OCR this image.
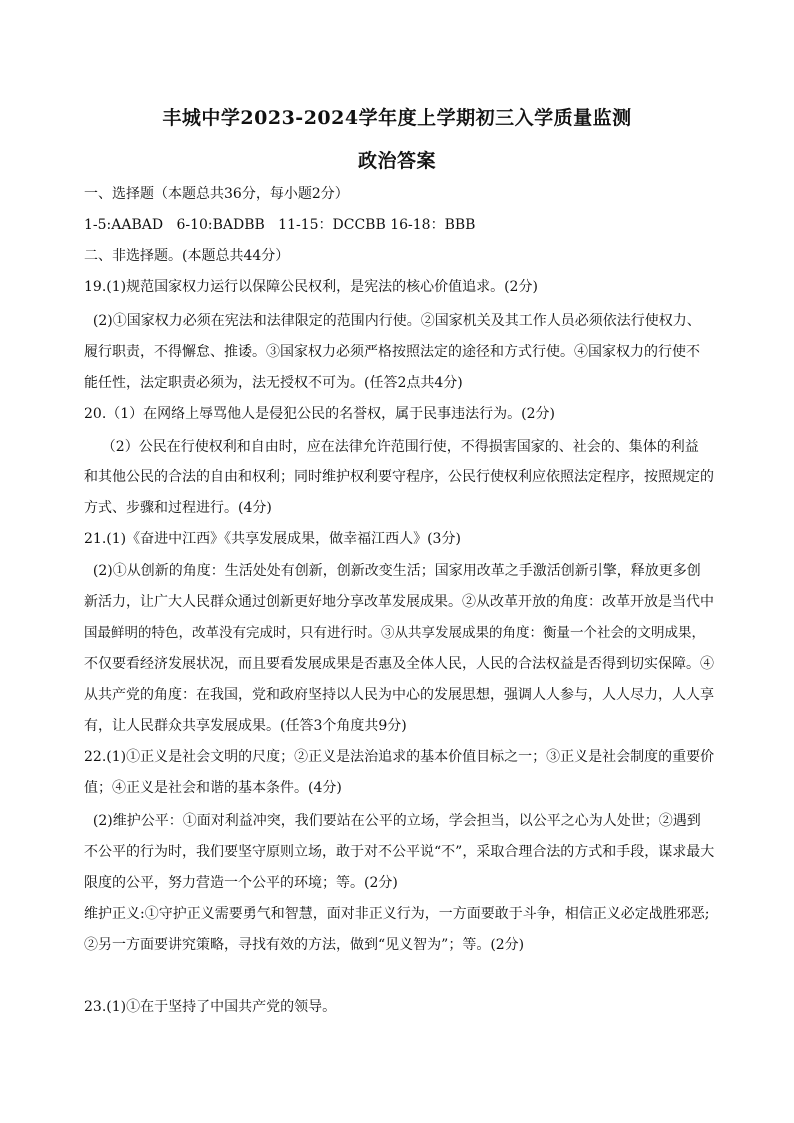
丰城中学2023-2024学年度上学期初三入学质量监测
政治答案
一、选择题（本题总共36分，每小题2分）
1-5:AABAD   6-10:BADBB   11-15：DCCBB 16-18：BBB
二、非选择题。(本题总共44分）
19.(1)规范国家权力运行以保障公民权利，是宪法的核心价值追求。(2分)
(2)①国家权力必须在宪法和法律限定的范围内行使。②国家机关及其工作人员必须依法行使权力、
履行职责，不得懈怠、推诿。③国家权力必须严格按照法定的途径和方式行使。④国家权力的行使不
能任性，法定职责必须为，法无授权不可为。(任答2点共4分)
20.（1）在网络上辱骂他人是侵犯公民的名誉权，属于民事违法行为。(2分)
（2）公民在行使权利和自由时，应在法律允许范围行使，不得损害国家的、社会的、集体的利益
和其他公民的合法的自由和权利；同时维护权利要守程序，公民行使权利应依照法定程序，按照规定的
方式、步骤和过程进行。(4分)
21.(1)《奋进中江西》《共享发展成果，做幸福江西人》(3分)
(2)①从创新的角度：生活处处有创新，创新改变生活；国家用改革之手激活创新引擎，释放更多创
新活力，让广大人民群众通过创新更好地分享改革发展成果。②从改革开放的角度：改革开放是当代中
国最鲜明的特色，改革没有完成时，只有进行时。③从共享发展成果的角度：衡量一个社会的文明成果，
不仅要看经济发展状况，而且要看发展成果是否惠及全体人民，人民的合法权益是否得到切实保障。④
从共产党的角度：在我国，党和政府坚持以人民为中心的发展思想，强调人人参与，人人尽力，人人享
有，让人民群众共享发展成果。(任答3个角度共9分)
22.(1)①正义是社会文明的尺度；②正义是法治追求的基本价值目标之一；③正义是社会制度的重要价
值；④正义是社会和谐的基本条件。(4分)
(2)维护公平：①面对利益冲突，我们要站在公平的立场，学会担当，以公平之心为人处世；②遇到
不公平的行为时，我们要坚守原则立场，敢于对不公平说“不”，采取合理合法的方式和手段，谋求最大
限度的公平，努力营造一个公平的环境；等。(2分)
维护正义:①守护正义需要勇气和智慧，面对非正义行为，一方面要敢于斗争，相信正义必定战胜邪恶;
②另一方面要讲究策略，寻找有效的方法，做到“见义智为”；等。(2分)
23.(1)①在于坚持了中国共产党的领导。
